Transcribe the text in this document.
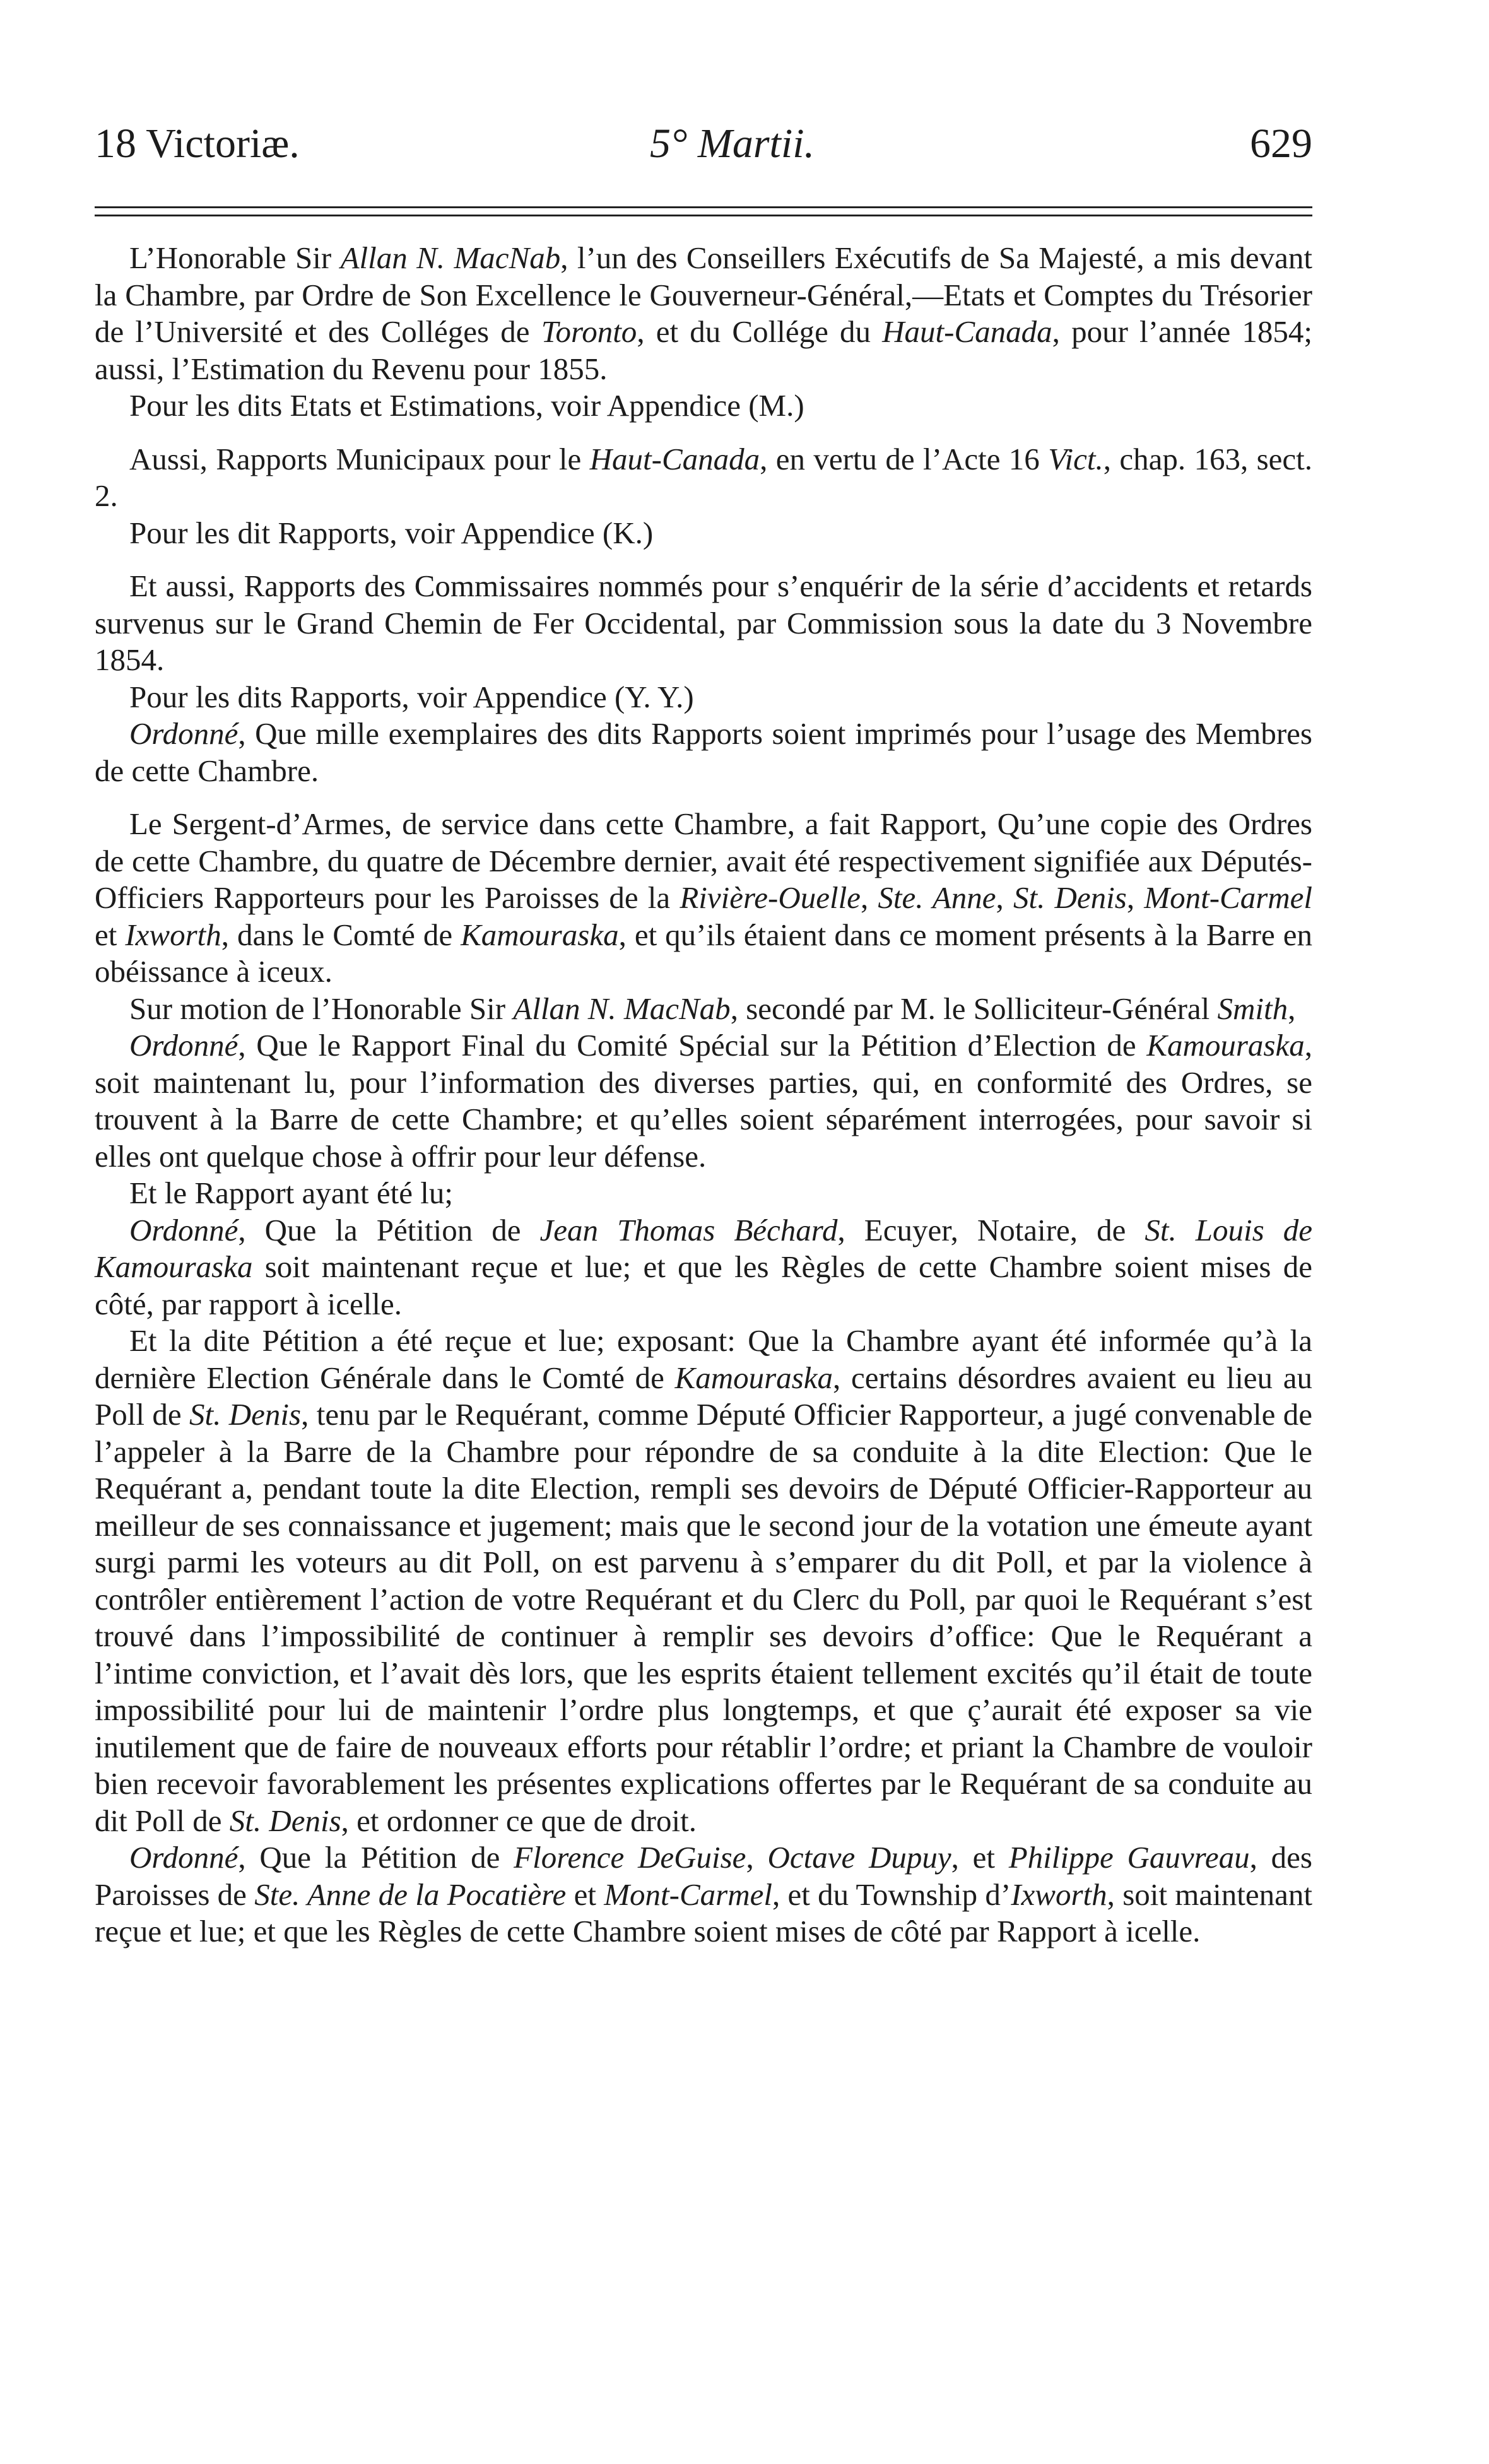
18 Victoriæ.	5° Martii.	629

L’Honorable Sir Allan N. MacNab, l’un des Conseillers Exécutifs de Sa Majesté, a mis devant la Chambre, par Ordre de Son Excellence le Gouverneur-Général,—Etats et Comptes du Trésorier de l’Université et des Colléges de Toronto, et du Collége du Haut-Canada, pour l’année 1854; aussi, l’Estimation du Revenu pour 1855.

Pour les dits Etats et Estimations, voir Appendice (M.)

Aussi, Rapports Municipaux pour le Haut-Canada, en vertu de l’Acte 16 Vict., chap. 163, sect. 2.

Pour les dit Rapports, voir Appendice (K.)

Et aussi, Rapports des Commissaires nommés pour s’enquérir de la série d’accidents et retards survenus sur le Grand Chemin de Fer Occidental, par Commission sous la date du 3 Novembre 1854.

Pour les dits Rapports, voir Appendice (Y. Y.)

Ordonné, Que mille exemplaires des dits Rapports soient imprimés pour l’usage des Membres de cette Chambre.

Le Sergent-d’Armes, de service dans cette Chambre, a fait Rapport, Qu’une copie des Ordres de cette Chambre, du quatre de Décembre dernier, avait été respectivement signifiée aux Députés-Officiers Rapporteurs pour les Paroisses de la Rivière-Ouelle, Ste. Anne, St. Denis, Mont-Carmel et Ixworth, dans le Comté de Kamouraska, et qu’ils étaient dans ce moment présents à la Barre en obéissance à iceux.

Sur motion de l’Honorable Sir Allan N. MacNab, secondé par M. le Solliciteur-Général Smith,

Ordonné, Que le Rapport Final du Comité Spécial sur la Pétition d’Election de Kamouraska, soit maintenant lu, pour l’information des diverses parties, qui, en conformité des Ordres, se trouvent à la Barre de cette Chambre; et qu’elles soient séparément interrogées, pour savoir si elles ont quelque chose à offrir pour leur défense.

Et le Rapport ayant été lu;

Ordonné, Que la Pétition de Jean Thomas Béchard, Ecuyer, Notaire, de St. Louis de Kamouraska soit maintenant reçue et lue; et que les Règles de cette Chambre soient mises de côté, par rapport à icelle.

Et la dite Pétition a été reçue et lue; exposant: Que la Chambre ayant été informée qu’à la dernière Election Générale dans le Comté de Kamouraska, certains désordres avaient eu lieu au Poll de St. Denis, tenu par le Requérant, comme Député Officier Rapporteur, a jugé convenable de l’appeler à la Barre de la Chambre pour répondre de sa conduite à la dite Election: Que le Requérant a, pendant toute la dite Election, rempli ses devoirs de Député Officier-Rapporteur au meilleur de ses connaissance et jugement; mais que le second jour de la votation une émeute ayant surgi parmi les voteurs au dit Poll, on est parvenu à s’emparer du dit Poll, et par la violence à contrôler entièrement l’action de votre Requérant et du Clerc du Poll, par quoi le Requérant s’est trouvé dans l’impossibilité de continuer à remplir ses devoirs d’office: Que le Requérant a l’intime conviction, et l’avait dès lors, que les esprits étaient tellement excités qu’il était de toute impossibilité pour lui de maintenir l’ordre plus longtemps, et que ç’aurait été exposer sa vie inutilement que de faire de nouveaux efforts pour rétablir l’ordre; et priant la Chambre de vouloir bien recevoir favorablement les présentes explications offertes par le Requérant de sa conduite au dit Poll de St. Denis, et ordonner ce que de droit.

Ordonné, Que la Pétition de Florence DeGuise, Octave Dupuy, et Philippe Gauvreau, des Paroisses de Ste. Anne de la Pocatière et Mont-Carmel, et du Township d’Ixworth, soit maintenant reçue et lue; et que les Règles de cette Chambre soient mises de côté par Rapport à icelle.
